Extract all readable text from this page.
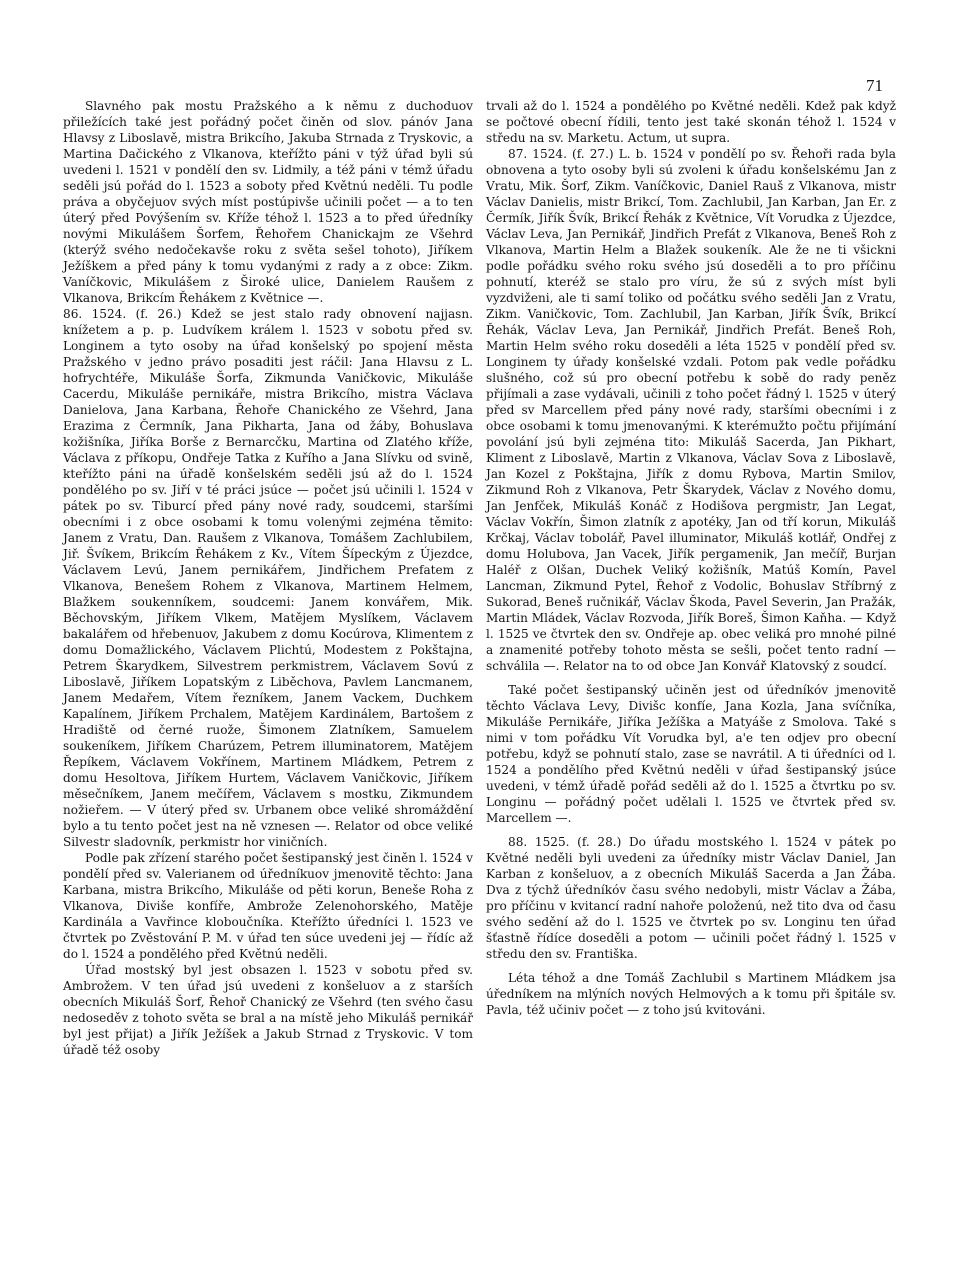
71

Slavného pak mostu Pražského a k němu z duchoduov přiležících také jest pořádný počet činěn od slov. pánóv Jana Hlavsy z Liboslavě, mistra Brikcího, Jakuba Strnada z Tryskovic, a Martina Dačického z Vlkanova, kteřížto páni v týž úřad byli sú uvedeni l. 1521 v pondělí den sv. Lidmily, a též páni v témž úřadu seděli jsú pořád do l. 1523 a soboty před Květnú neděli. Tu podle práva a obyčejuov svých míst postúpivše učinili počet — a to ten úterý před Povýšením sv. Kříže téhož l. 1523 a to před úředníky novými Mikulášem Šorfem, Řehořem Chanickajm ze Všehrd (kterýž svého nedočekavše roku z světa sešel tohoto), Jiříkem Ježíškem a před pány k tomu vydanými z rady a z obce: Zikm. Vaníčkovic, Mikulášem z Široké ulice, Danielem Raušem z Vlkanova, Brikcím Řehákem z Květnice —.

86. 1524. (f. 26.) Kdež se jest stalo rady obnovení najjasn. knížetem a p. p. Ludvíkem králem l. 1523 v sobotu před sv. Longinem a tyto osoby na úřad konšelský po spojení města Pražského v jedno právo posaditi jest ráčil: Jana Hlavsu z L. hofrychtéře, Mikuláše Šorfa, Zikmunda Vaničkovic, Mikuláše Cacerdu, Mikuláše pernikáře, mistra Brikcího, mistra Václava Danielova, Jana Karbana, Řehoře Chanického ze Všehrd, Jana Erazima z Čermník, Jana Pikharta, Jana od žáby, Bohuslava kožišníka, Jiříka Borše z Bernarcčku, Martina od Zlatého kříže, Václava z příkopu, Ondřeje Tatka z Kuřího a Jana Slívku od svině, kteřížto páni na úřadě konšelském seděli jsú až do l. 1524 pondělého po sv. Jiří v té práci jsúce — počet jsú učinili l. 1524 v pátek po sv. Tiburcí před pány nové rady, soudcemi, staršími obecními i z obce osobami k tomu volenými zejména těmito: Janem z Vratu, Dan. Raušem z Vlkanova, Tomášem Zachlubilem, Jiř. Švíkem, Brikcím Řehákem z Kv., Vítem Šípeckým z Újezdce, Václavem Levú, Janem pernikářem, Jindřichem Prefatem z Vlkanova, Benešem Rohem z Vlkanova, Martinem Helmem, Blažkem soukenníkem, soudcemi: Janem konvářem, Mik. Běchovským, Jiříkem Vlkem, Matějem Myslíkem, Václavem bakalářem od hřebenuov, Jakubem z domu Kocúrova, Klimentem z domu Domažlického, Václavem Plichtú, Modestem z Pokštajna, Petrem Škarydkem, Silvestrem perkmistrem, Václavem Sovú z Liboslavě, Jiříkem Lopatským z Liběchova, Pavlem Lancmanem, Janem Medařem, Vítem řezníkem, Janem Vackem, Duchkem Kapalínem, Jiříkem Prchalem, Matějem Kardinálem, Bartošem z Hradiště od černé ruože, Šimonem Zlatníkem, Samuelem soukeníkem, Jiříkem Charúzem, Petrem illuminatorem, Matějem Řepíkem, Václavem Vokřínem, Martinem Mládkem, Petrem z domu Hesoltova, Jiříkem Hurtem, Václavem Vaničkovic, Jiříkem měsečníkem, Janem mečířem, Václavem s mostku, Zikmundem nožieřem. — V úterý před sv. Urbanem obce veliké shromáždění bylo a tu tento počet jest na ně vznesen —. Relator od obce veliké Silvestr sladovník, perkmistr hor viničních.

Podle pak zřízení starého počet šestipanský jest činěn l. 1524 v pondělí před sv. Valerianem od úředníkuov jmenovitě těchto: Jana Karbana, mistra Brikcího, Mikuláše od pěti korun, Beneše Roha z Vlkanova, Diviše konfíře, Ambrože Zelenohorského, Matěje Kardinála a Vavřince kloboučníka. Kteřížto úředníci l. 1523 ve čtvrtek po Zvěstování P. M. v úřad ten súce uvedeni jej — řídíc až do l. 1524 a pondělého před Květnú neděli.

Úřad mostský byl jest obsazen l. 1523 v sobotu před sv. Ambrožem. V ten úřad jsú uvedeni z konšeluov a z starších obecních Mikuláš Šorf, Řehoř Chanický ze Všehrd (ten svého času nedoseděv z tohoto světa se bral a na místě jeho Mikuláš pernikář byl jest přijat) a Jiřík Ježíšek a Jakub Strnad z Tryskovic. V tom úřadě též osoby

trvali až do l. 1524 a pondělého po Květné neděli. Kdež pak když se počtové obecní řídili, tento jest také skonán téhož l. 1524 v středu na sv. Marketu. Actum, ut supra.

87. 1524. (f. 27.) L. b. 1524 v pondělí po sv. Řehoři rada byla obnovena a tyto osoby byli sú zvoleni k úřadu konšelskému Jan z Vratu, Mik. Šorf, Zikm. Vaníčkovic, Daniel Rauš z Vlkanova, mistr Václav Danielis, mistr Brikcí, Tom. Zachlubil, Jan Karban, Jan Er. z Čermík, Jiřík Švík, Brikcí Řehák z Květnice, Vít Vorudka z Újezdce, Václav Leva, Jan Pernikář, Jindřich Prefát z Vlkanova, Beneš Roh z Vlkanova, Martin Helm a Blažek soukeník. Ale že ne ti všickni podle pořádku svého roku svého jsú doseděli a to pro příčinu pohnutí, kteréž se stalo pro víru, že sú z svých míst byli vyzdviženi, ale ti samí toliko od počátku svého seděli Jan z Vratu, Zikm. Vaničkovic, Tom. Zachlubil, Jan Karban, Jiřík Švík, Brikcí Řehák, Václav Leva, Jan Pernikář, Jindřich Prefát. Beneš Roh, Martin Helm svého roku doseděli a léta 1525 v pondělí před sv. Longinem ty úřady konšelské vzdali. Potom pak vedle pořádku slušného, což sú pro obecní potřebu k sobě do rady peněz přijímali a zase vydávali, učinili z toho počet řádný l. 1525 v úterý před sv Marcellem před pány nové rady, staršími obecními i z obce osobami k tomu jmenovanými. K kterémužto počtu přijímání povolání jsú byli zejména tito: Mikuláš Sacerda, Jan Pikhart, Kliment z Liboslavě, Martin z Vlkanova, Václav Sova z Liboslavě, Jan Kozel z Pokštajna, Jiřík z domu Rybova, Martin Smilov, Zikmund Roh z Vlkanova, Petr Škarydek, Václav z Nového domu, Jan Jenfček, Mikuláš Konáč z Hodišova pergmistr, Jan Legat, Václav Vokřín, Šimon zlatník z apotéky, Jan od tří korun, Mikuláš Krčkaj, Václav tobolář, Pavel illuminator, Mikuláš kotlář, Ondřej z domu Holubova, Jan Vacek, Jiřík pergamenik, Jan mečíř, Burjan Haléř z Olšan, Duchek Veliký kožišník, Matúš Komín, Pavel Lancman, Zikmund Pytel, Řehoř z Vodolic, Bohuslav Stříbrný z Sukorad, Beneš ručnikář, Václav Škoda, Pavel Severin, Jan Pražák, Martin Mládek, Václav Rozvoda, Jiřík Boreš, Šimon Kaňha. — Když l. 1525 ve čtvrtek den sv. Ondřeje ap. obec veliká pro mnohé pilné a znamenité potřeby tohoto města se sešli, počet tento radní — schválila —. Relator na to od obce Jan Konvář Klatovský z soudcí.

Také počet šestipanský učiněn jest od úředníkóv jmenovitě těchto Václava Levy, Divišc konfíe, Jana Kozla, Jana svíčníka, Mikuláše Pernikáře, Jiříka Ježíška a Matyáše z Smolova. Také s nimi v tom pořádku Vít Vorudka byl, a'e ten odjev pro obecní potřebu, když se pohnutí stalo, zase se navrátil. A ti úředníci od l. 1524 a pondělího před Květnú neděli v úřad šestipanský jsúce uvedeni, v témž úřadě pořád seděli až do l. 1525 a čtvrtku po sv. Longinu — pořádný počet udělali l. 1525 ve čtvrtek před sv. Marcellem —.

88. 1525. (f. 28.) Do úřadu mostského l. 1524 v pátek po Květné neděli byli uvedeni za úředníky mistr Václav Daniel, Jan Karban z konšeluov, a z obecních Mikuláš Sacerda a Jan Žába. Dva z týchž úředníkóv času svého nedobyli, mistr Václav a Žába, pro příčinu v kvitancí radní nahoře položenú, než tito dva od času svého sedění až do l. 1525 ve čtvrtek po sv. Longinu ten úřad šťastně řídíce doseděli a potom — učinili počet řádný l. 1525 v středu den sv. Františka.

Léta téhož a dne Tomáš Zachlubil s Martinem Mládkem jsa úředníkem na mlýních nových Helmových a k tomu při špitále sv. Pavla, též učiniv počet — z toho jsú kvitováni.
